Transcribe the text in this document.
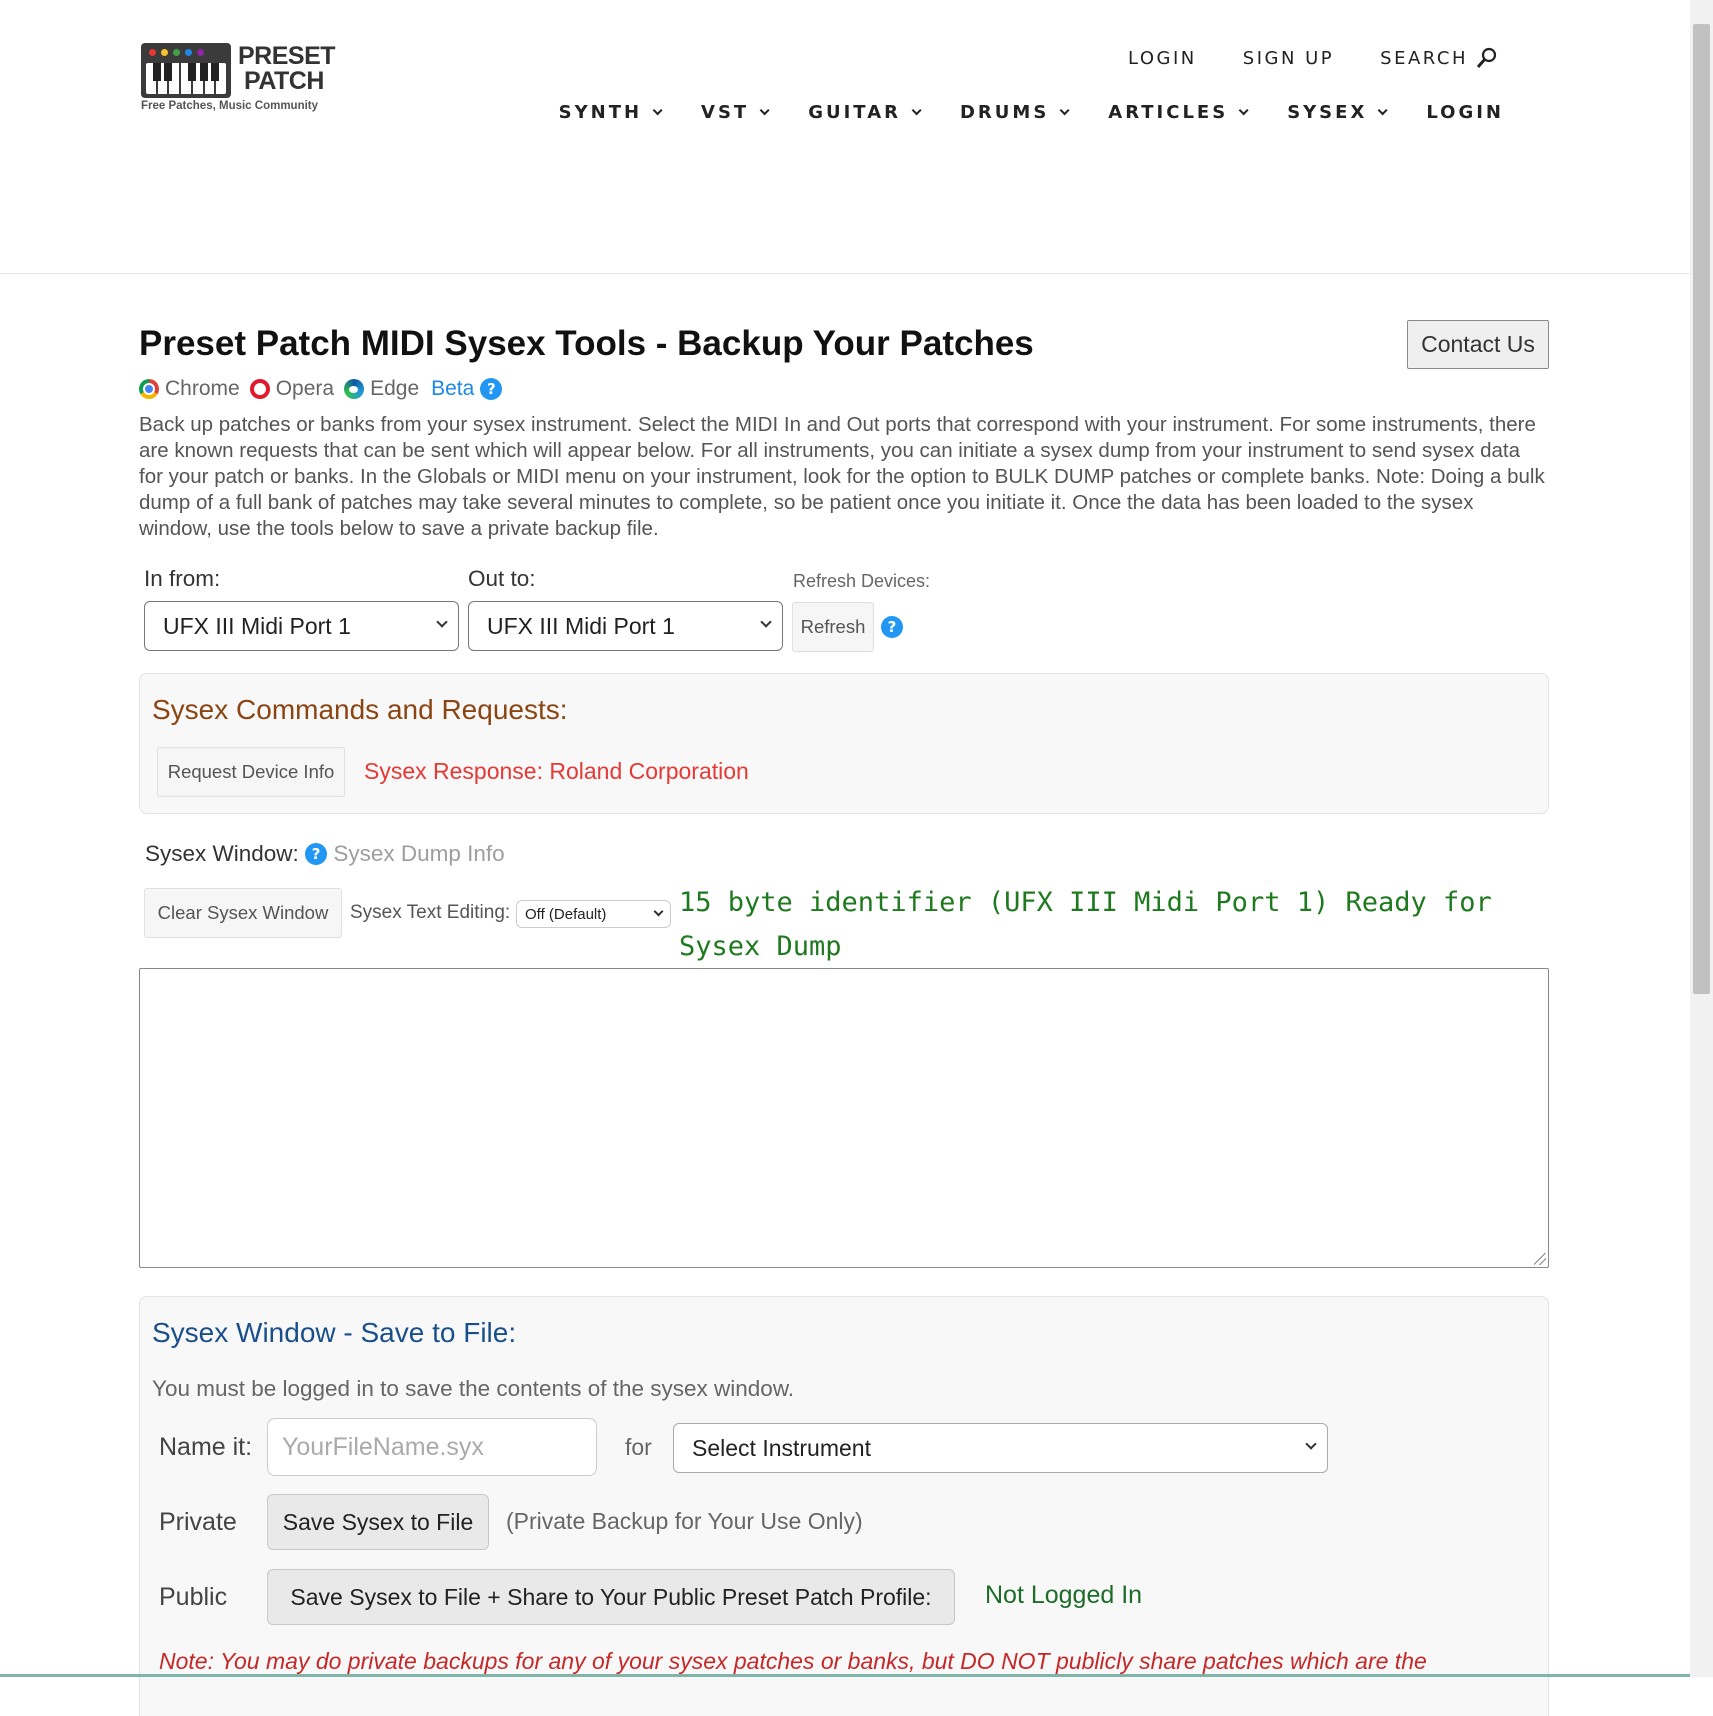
PRESET
PATCH
Free Patches, Music Community
LOGIN	SIGN UP	SEARCH
SYNTH	VST	GUITAR	DRUMS	ARTICLES	SYSEX	LOGIN
Preset Patch MIDI Sysex Tools - Backup Your Patches	Contact Us
Chrome Opera Edge Beta ?

Back up patches or banks from your sysex instrument. Select the MIDI In and Out ports that correspond with your instrument. For some instruments, there are known requests that can be sent which will appear below. For all instruments, you can initiate a sysex dump from your instrument to send sysex data for your patch or banks. In the Globals or MIDI menu on your instrument, look for the option to BULK DUMP patches or complete banks. Note: Doing a bulk dump of a full bank of patches may take several minutes to complete, so be patient once you initiate it. Once the data has been loaded to the sysex window, use the tools below to save a private backup file.

In from:
UFX III Midi Port 1
Out to:
UFX III Midi Port 1
Refresh Devices:
Refresh	?
Sysex Commands and Requests:
Request Device Info	Sysex Response: Roland Corporation
Sysex Window: ? Sysex Dump Info
Clear Sysex Window	Sysex Text Editing: Off (Default)	15 byte identifier (UFX III Midi Port 1) Ready for Sysex Dump
Sysex Window - Save to File:
You must be logged in to save the contents of the sysex window.
Name it: YourFileName.syx	for Select Instrument
Private	Save Sysex to File	(Private Backup for Your Use Only)
Public	Save Sysex to File + Share to Your Public Preset Patch Profile:	Not Logged In
Note: You may do private backups for any of your sysex patches or banks, but DO NOT publicly share patches which are the
